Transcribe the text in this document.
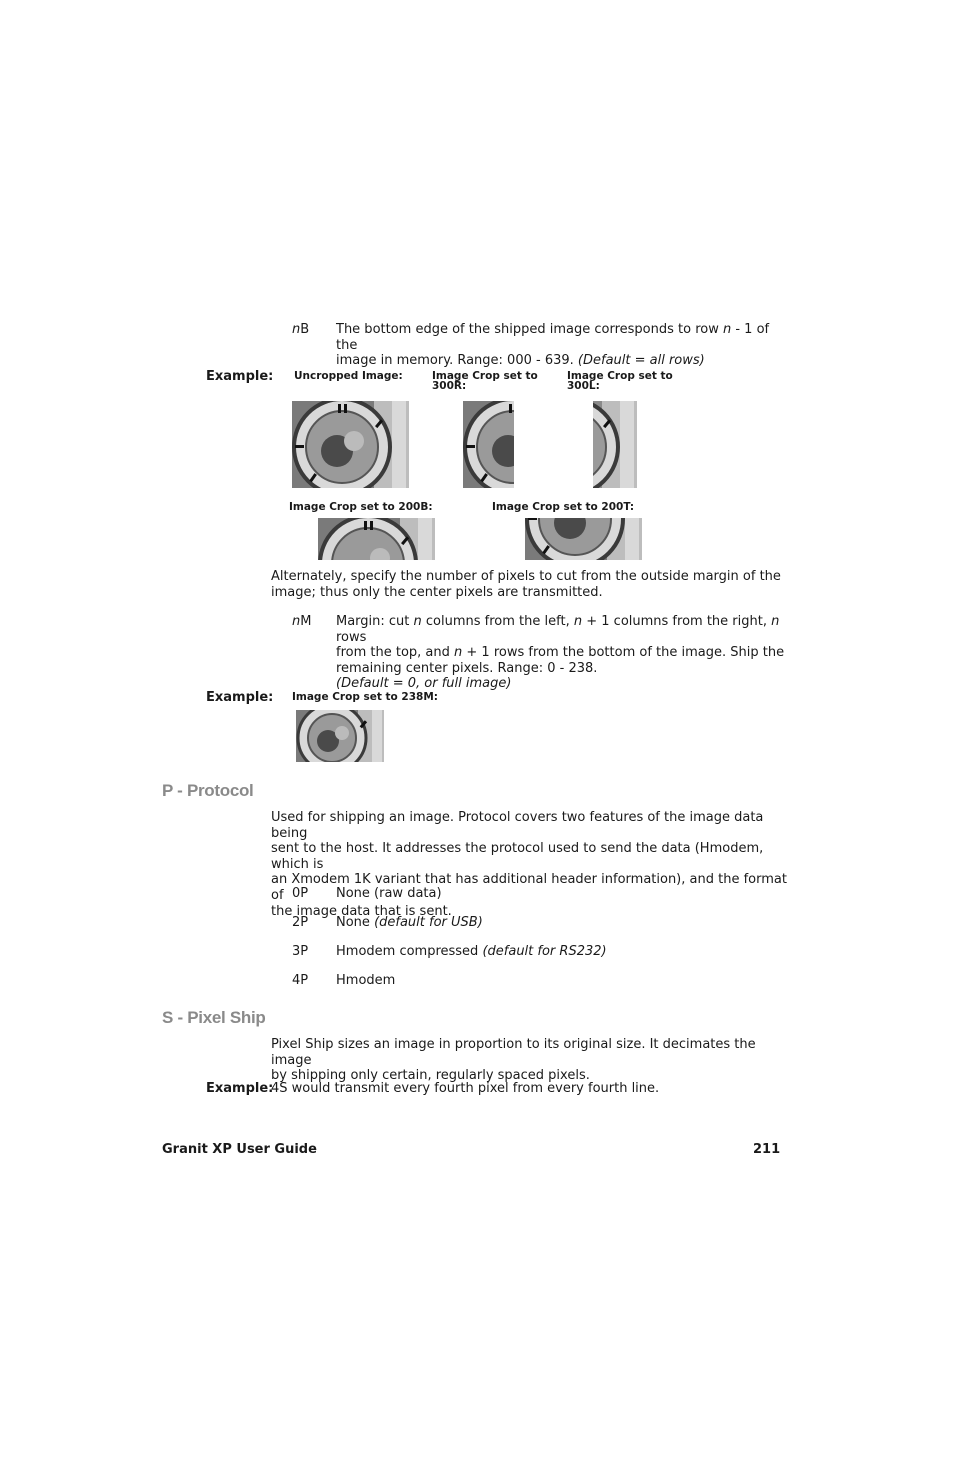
nB The bottom edge of the shipped image corresponds to row n - 1 of the
image in memory. Range: 000 - 639. (Default = all rows)
Example: Uncropped Image:	Image Crop set to
300R:
Image Crop set to
300L:
Image Crop set to 200B:	Image Crop set to 200T:
Alternately, specify the number of pixels to cut from the outside margin of the
image; thus only the center pixels are transmitted.
nM Margin: cut n columns from the left, n + 1 columns from the right, n rows
from the top, and n + 1 rows from the bottom of the image. Ship the
remaining center pixels. Range: 0 - 238.
(Default = 0, or full image)
Example: Image Crop set to 238M:
P - Protocol
Used for shipping an image. Protocol covers two features of the image data being
sent to the host. It addresses the protocol used to send the data (Hmodem, which is
an Xmodem 1K variant that has additional header information), and the format of
the image data that is sent.
0P None (raw data)
2P None (default for USB)
3P Hmodem compressed (default for RS232)
4P Hmodem
S - Pixel Ship
Pixel Ship sizes an image in proportion to its original size. It decimates the image
by shipping only certain, regularly spaced pixels.
Example:
4S would transmit every fourth pixel from every fourth line.
Granit XP User Guide	211
